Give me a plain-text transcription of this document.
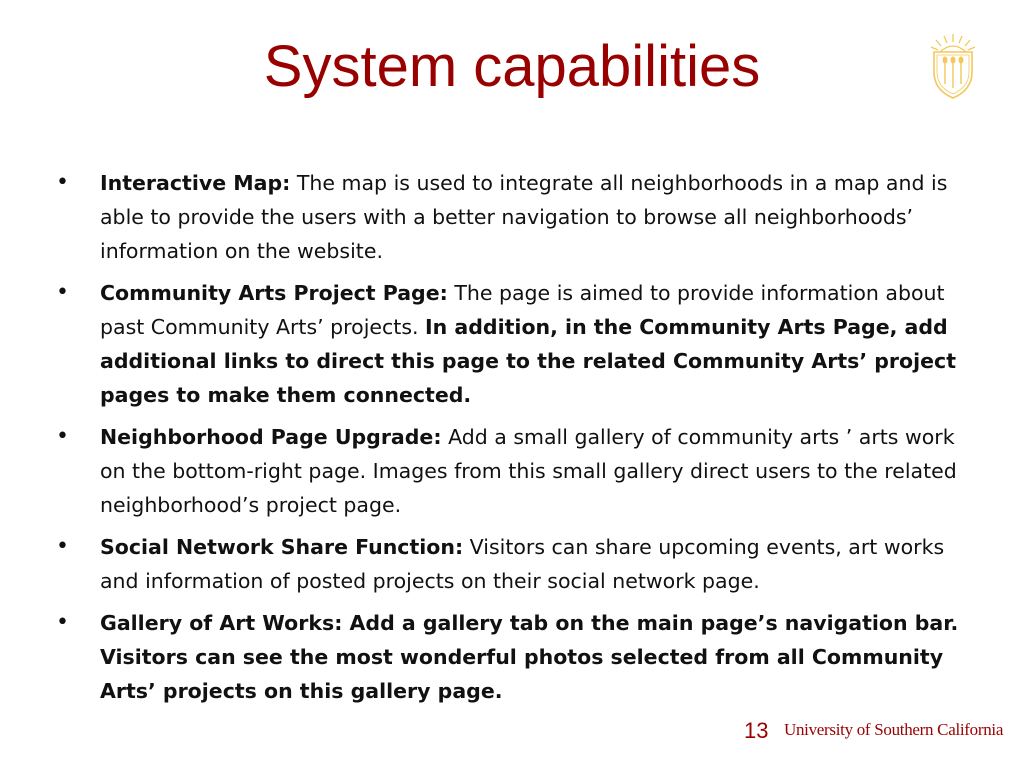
System capabilities
•	Interactive Map: The map is used to integrate all neighborhoods in a map and is able to provide the users with a better navigation to browse all neighborhoods’ information on the website.
•	Community Arts Project Page: The page is aimed to provide information about past Community Arts’ projects. In addition, in the Community Arts Page, add additional links to direct this page to the related Community Arts’ project pages to make them connected.
•	Neighborhood Page Upgrade: Add a small gallery of community arts ’ arts work on the bottom-right page. Images from this small gallery direct users to the related neighborhood’s project page.
•	Social Network Share Function: Visitors can share upcoming events, art works and information of posted projects on their social network page.
•	Gallery of Art Works: Add a gallery tab on the main page’s navigation bar. Visitors can see the most wonderful photos selected from all Community Arts’ projects on this gallery page.
13 University of Southern California
